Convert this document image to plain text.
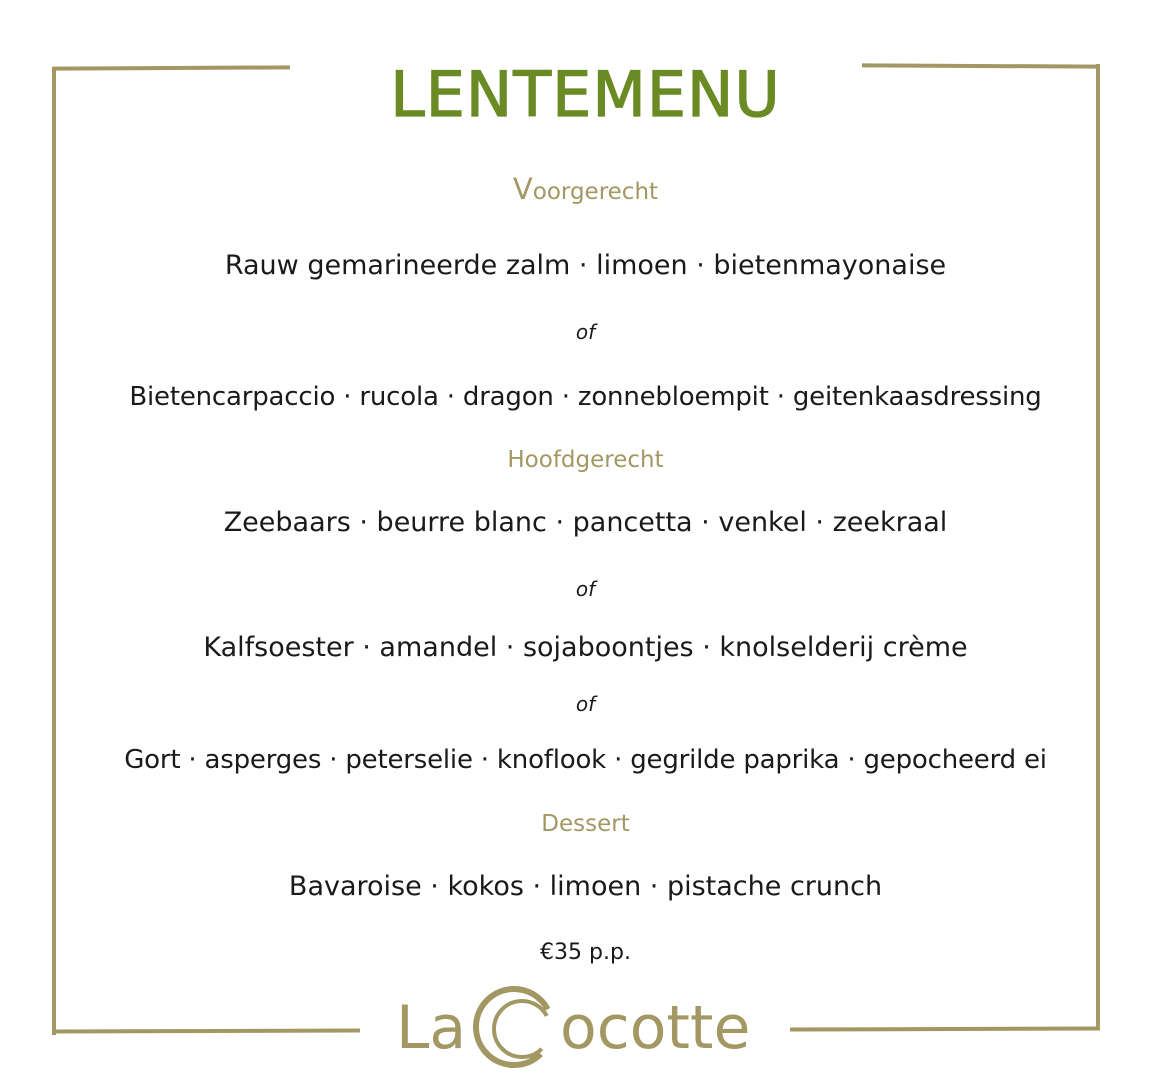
LENTEMENU
Voorgerecht
Rauw gemarineerde zalm · limoen · bietenmayonaise
of
Bietencarpaccio · rucola · dragon · zonnebloempit · geitenkaasdressing
Hoofdgerecht
Zeebaars · beurre blanc · pancetta · venkel · zeekraal
of
Kalfsoester · amandel · sojaboontjes · knolselderij crème
of
Gort · asperges · peterselie · knoflook · gegrilde paprika · gepocheerd ei
Dessert
Bavaroise · kokos · limoen · pistache crunch
€35 p.p.
La ocotte
